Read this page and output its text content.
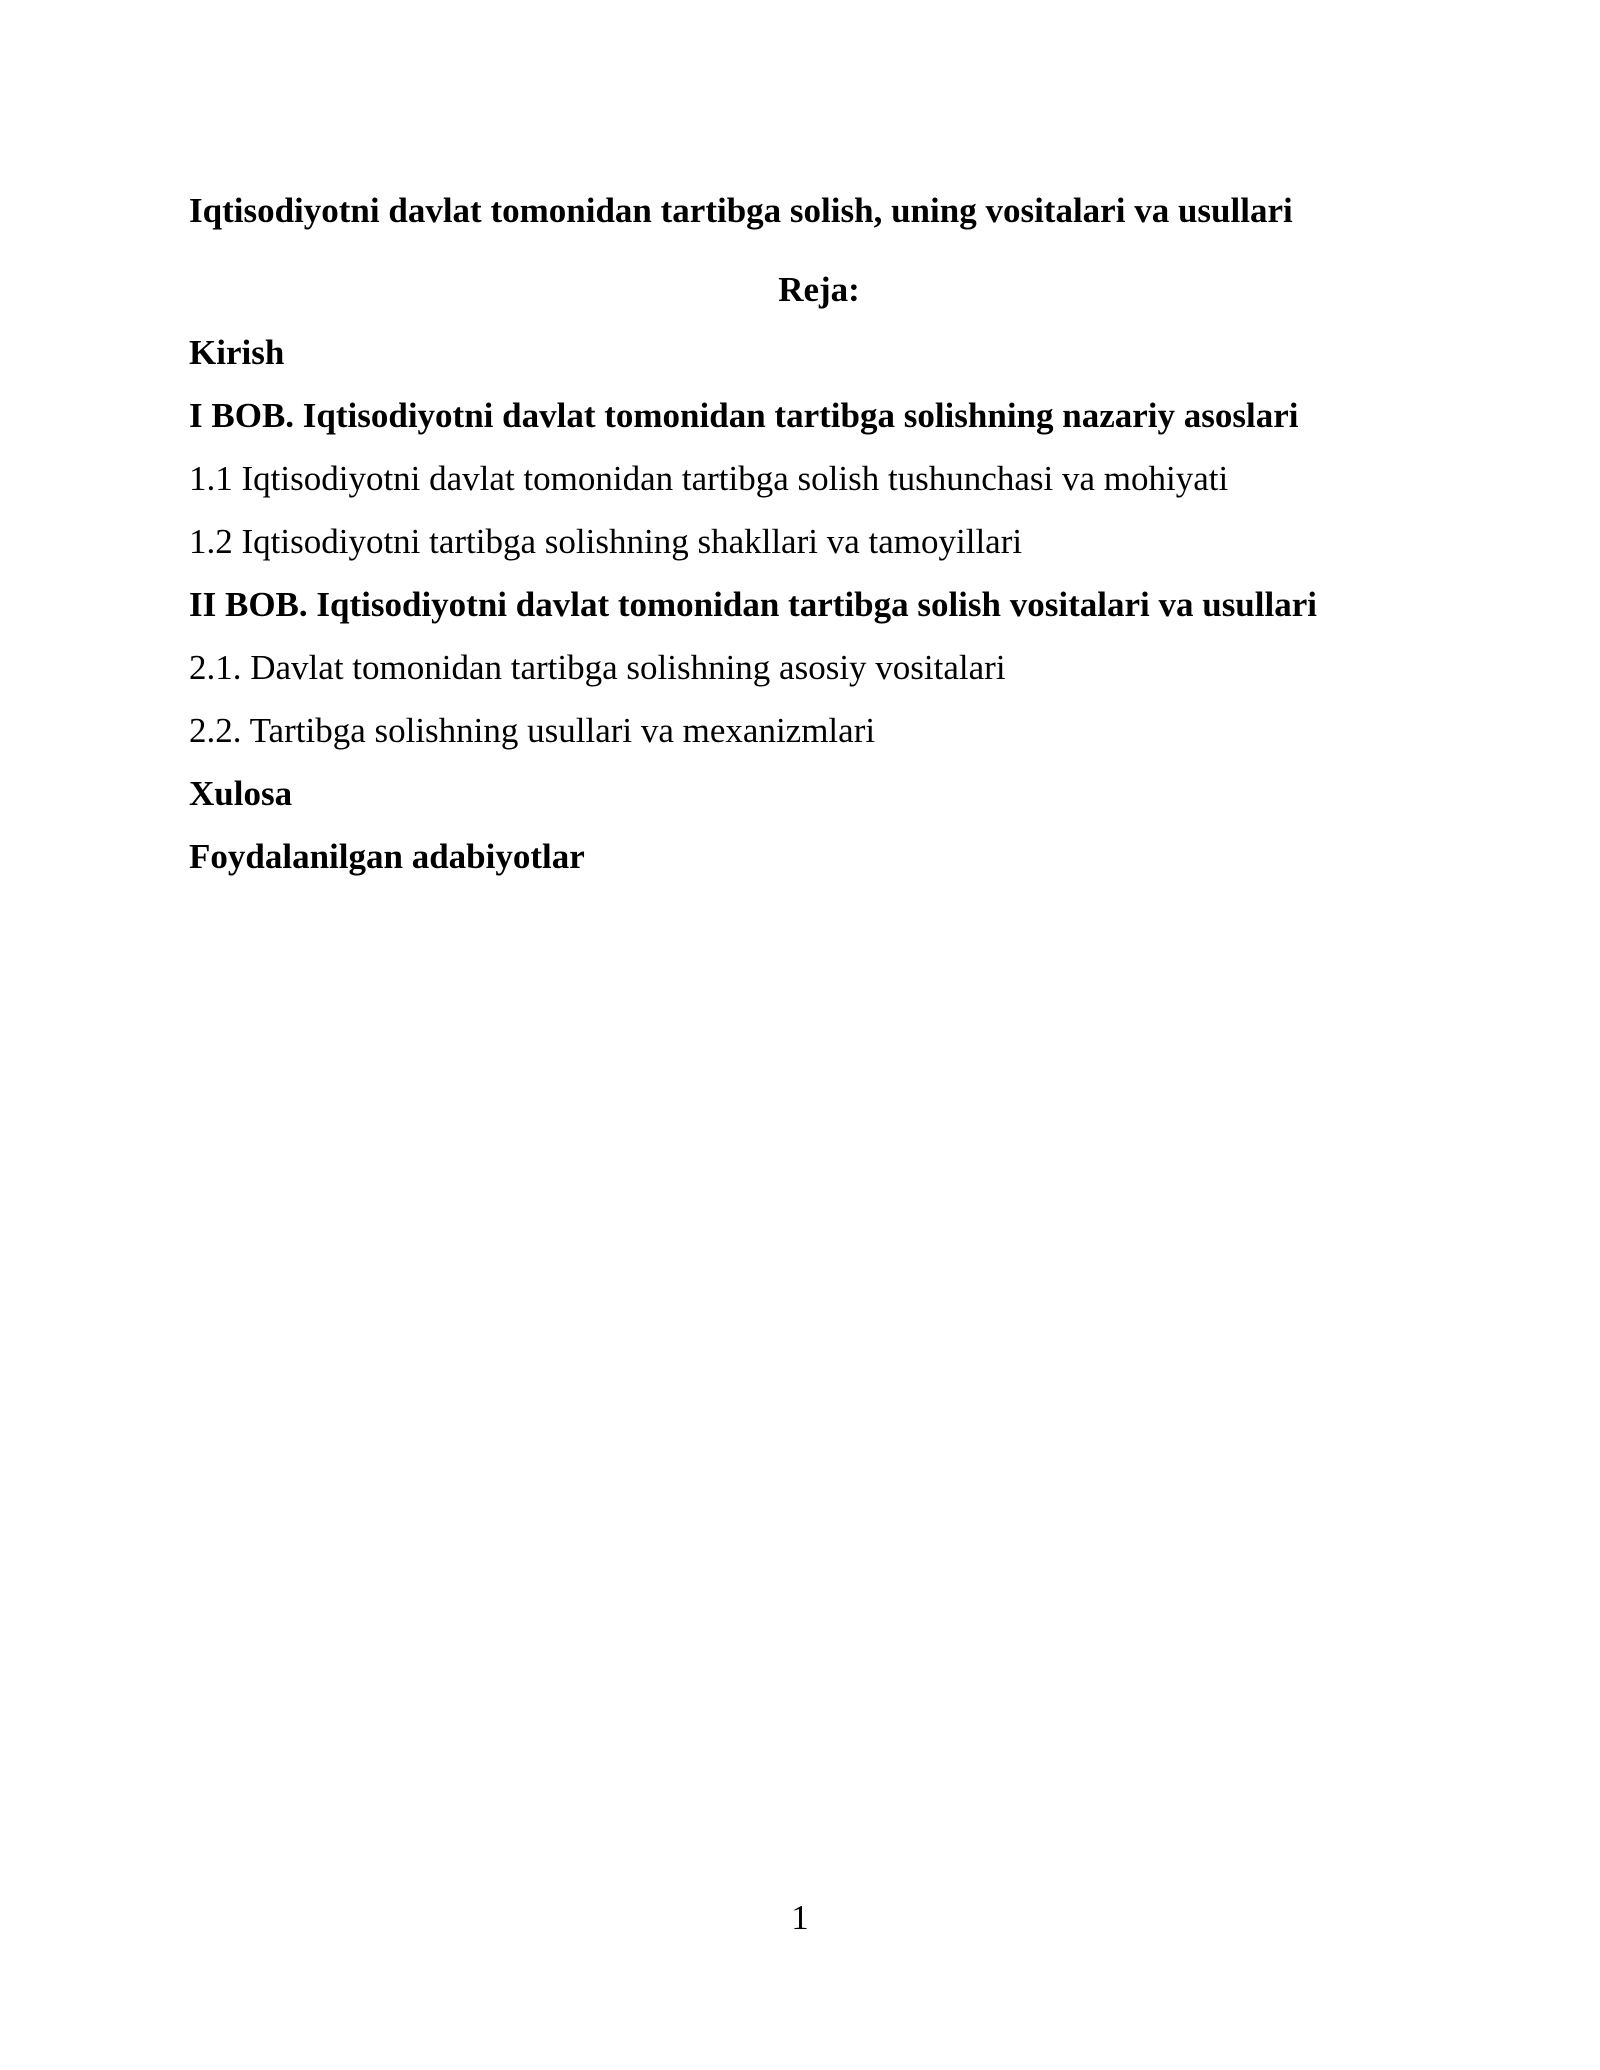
Iqtisodiyotni davlat tomonidan tartibga solish, uning vositalari va usullari

Reja:

Kirish

I BOB. Iqtisodiyotni davlat tomonidan tartibga solishning nazariy asoslari

1.1 Iqtisodiyotni davlat tomonidan tartibga solish tushunchasi va mohiyati

1.2 Iqtisodiyotni tartibga solishning shakllari va tamoyillari

II BOB. Iqtisodiyotni davlat tomonidan tartibga solish vositalari va usullari

2.1. Davlat tomonidan tartibga solishning asosiy vositalari

2.2. Tartibga solishning usullari va mexanizmlari

Xulosa

Foydalanilgan adabiyotlar

1
